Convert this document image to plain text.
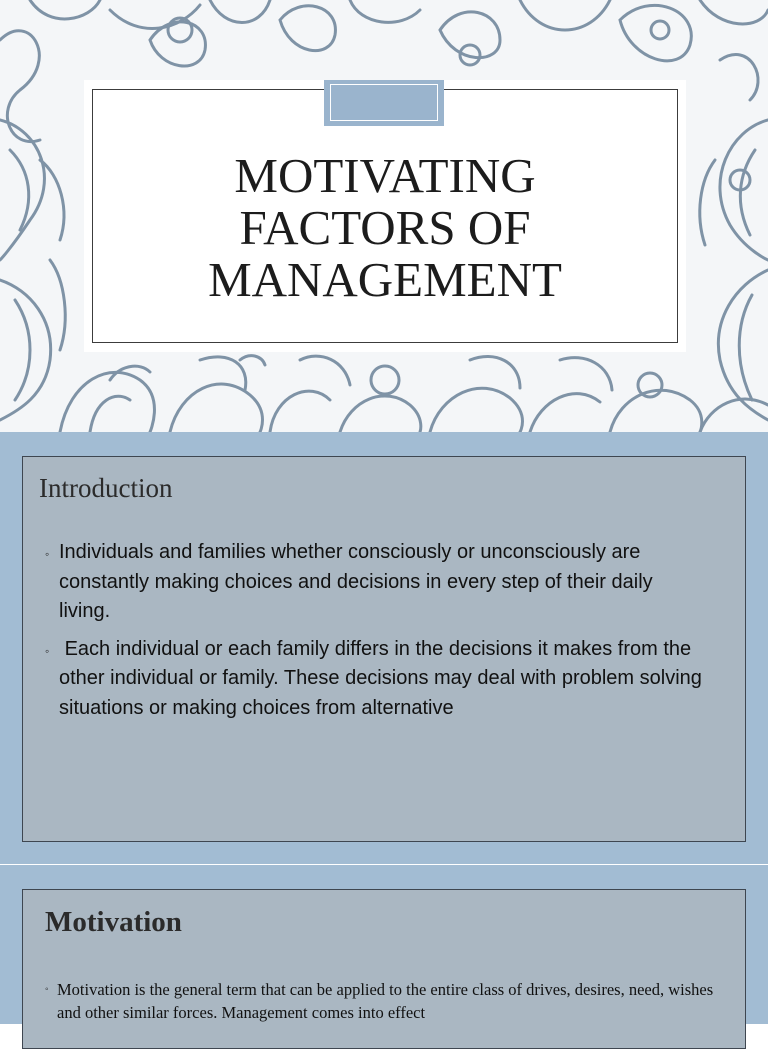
MOTIVATING FACTORS OF MANAGEMENT
Introduction
◦ Individuals and families whether consciously or unconsciously are constantly making choices and decisions in every step of their daily living.
◦ Each individual or each family differs in the decisions it makes from the other individual or family. These decisions may deal with problem solving situations or making choices from alternative
Motivation
◦ Motivation is the general term that can be applied to the entire class of drives, desires, need, wishes and other similar forces. Management comes into effect
